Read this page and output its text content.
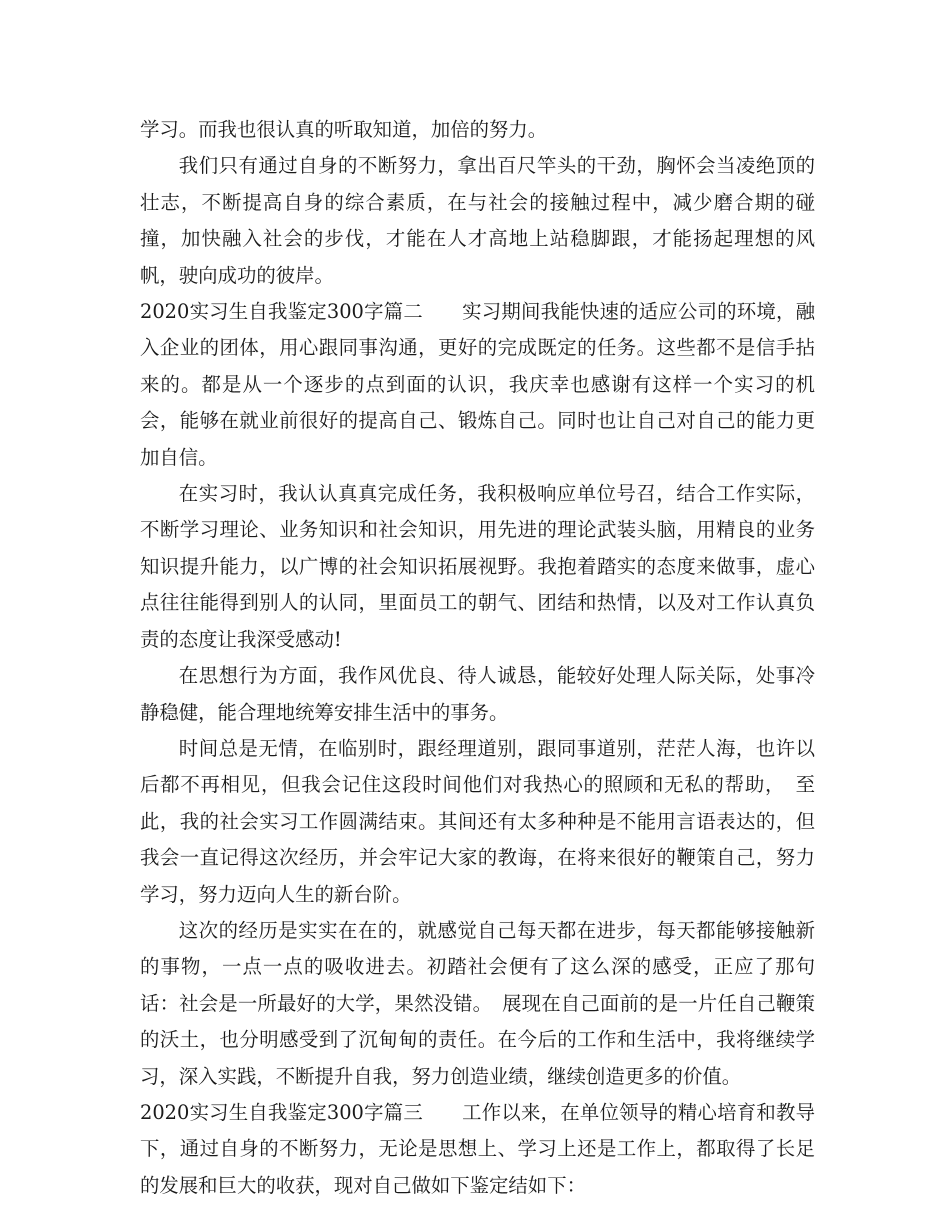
学习。而我也很认真的听取知道，加倍的努力。

我们只有通过自身的不断努力，拿出百尺竿头的干劲，胸怀会当凌绝顶的壮志，不断提高自身的综合素质，在与社会的接触过程中，减少磨合期的碰撞，加快融入社会的步伐，才能在人才高地上站稳脚跟，才能扬起理想的风帆，驶向成功的彼岸。

2020实习生自我鉴定300字篇二　　实习期间我能快速的适应公司的环境，融入企业的团体，用心跟同事沟通，更好的完成既定的任务。这些都不是信手拈来的。都是从一个逐步的点到面的认识，我庆幸也感谢有这样一个实习的机会，能够在就业前很好的提高自己、锻炼自己。同时也让自己对自己的能力更加自信。

在实习时，我认认真真完成任务，我积极响应单位号召，结合工作实际，不断学习理论、业务知识和社会知识，用先进的理论武装头脑，用精良的业务知识提升能力，以广博的社会知识拓展视野。我抱着踏实的态度来做事，虚心点往往能得到别人的认同，里面员工的朝气、团结和热情，以及对工作认真负责的态度让我深受感动!

在思想行为方面，我作风优良、待人诚恳，能较好处理人际关际，处事冷静稳健，能合理地统筹安排生活中的事务。

时间总是无情，在临别时，跟经理道别，跟同事道别，茫茫人海，也许以后都不再相见，但我会记住这段时间他们对我热心的照顾和无私的帮助，　至此，我的社会实习工作圆满结束。其间还有太多种种是不能用言语表达的，但我会一直记得这次经历，并会牢记大家的教诲，在将来很好的鞭策自己，努力学习，努力迈向人生的新台阶。

这次的经历是实实在在的，就感觉自己每天都在进步，每天都能够接触新的事物，一点一点的吸收进去。初踏社会便有了这么深的感受，正应了那句话：社会是一所最好的大学，果然没错。　展现在自己面前的是一片任自己鞭策的沃土，也分明感受到了沉甸甸的责任。在今后的工作和生活中，我将继续学习，深入实践，不断提升自我，努力创造业绩，继续创造更多的价值。

2020实习生自我鉴定300字篇三　　工作以来，在单位领导的精心培育和教导下，通过自身的不断努力，无论是思想上、学习上还是工作上，都取得了长足的发展和巨大的收获，现对自己做如下鉴定结如下：
